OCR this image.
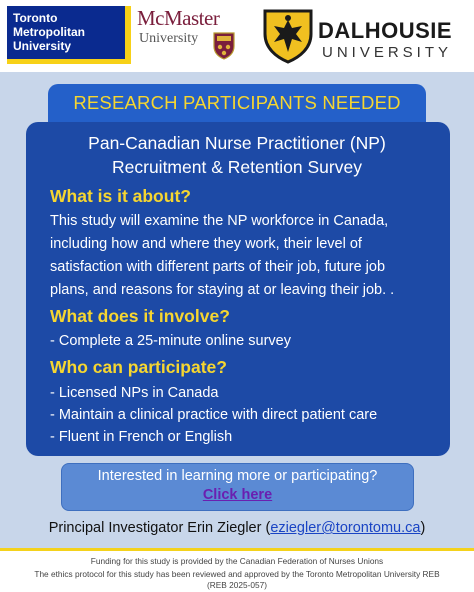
Toronto
Metropolitan
University
McMaster
University	DALHOUSIE
UNIVERSITY
RESEARCH PARTICIPANTS NEEDED
Pan-Canadian Nurse Practitioner (NP)
Recruitment & Retention Survey
What is it about?
This study will examine the NP workforce in Canada,
including how and where they work, their level of
satisfaction with different parts of their job, future job
plans, and reasons for staying at or leaving their job. .
What does it involve?
- Complete a 25-minute online survey
Who can participate?
- Licensed NPs in Canada
- Maintain a clinical practice with direct patient care
- Fluent in French or English
Interested in learning more or participating?
Click here
Principal Investigator Erin Ziegler (eziegler@torontomu.ca)
Funding for this study is provided by the Canadian Federation of Nurses Unions
The ethics protocol for this study has been reviewed and approved by the Toronto Metropolitan University REB
(REB 2025-057)
